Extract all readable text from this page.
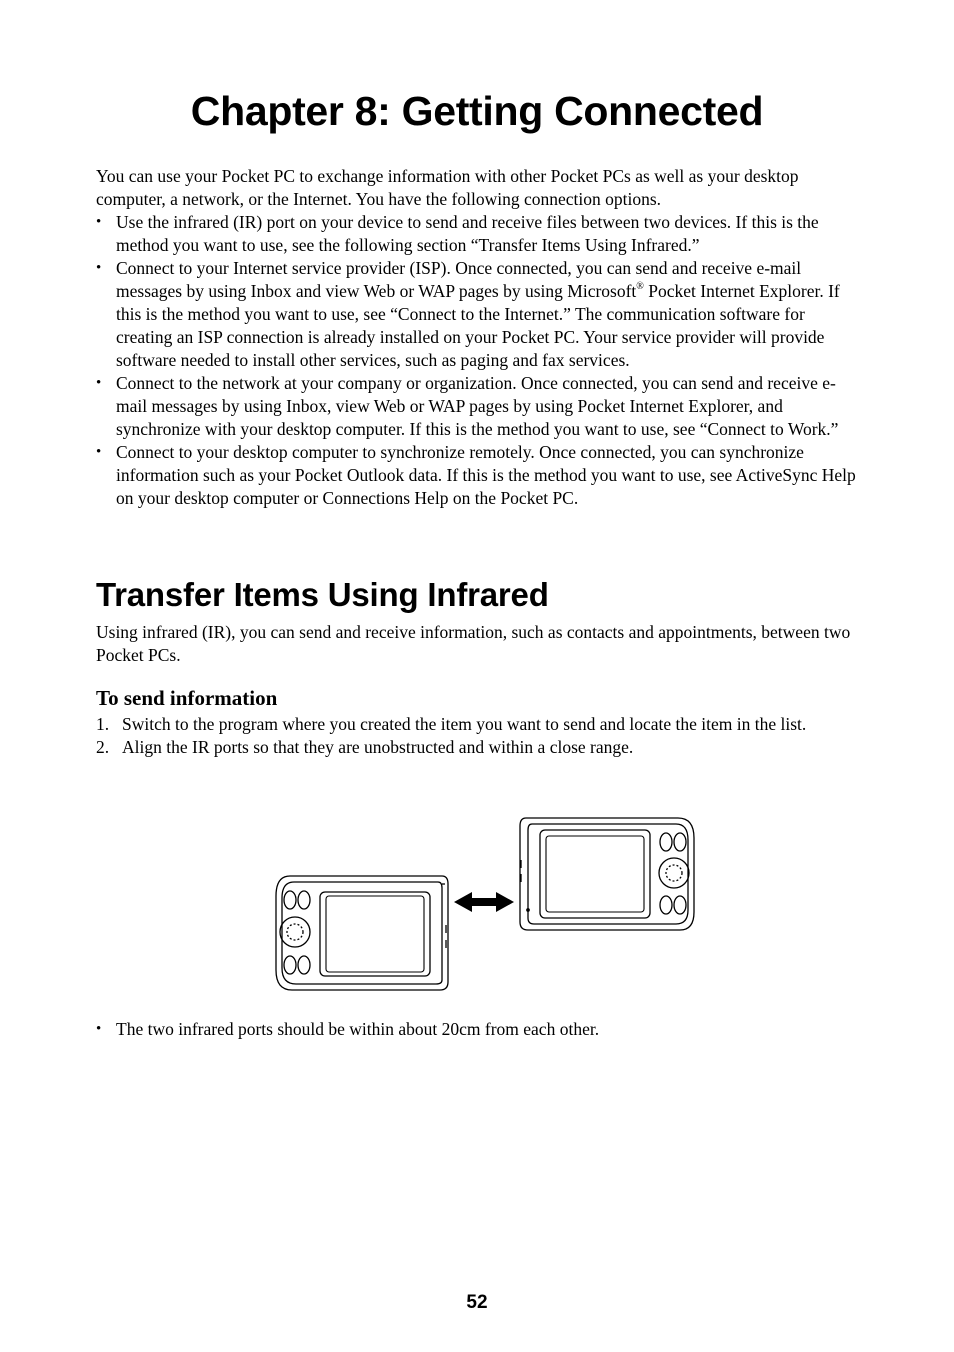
Chapter 8: Getting Connected

You can use your Pocket PC to exchange information with other Pocket PCs as well as your desktop computer, a network, or the Internet. You have the following connection options.

• Use the infrared (IR) port on your device to send and receive files between two devices. If this is the method you want to use, see the following section “Transfer Items Using Infrared.”
• Connect to your Internet service provider (ISP). Once connected, you can send and receive e-mail messages by using Inbox and view Web or WAP pages by using Microsoft® Pocket Internet Explorer. If this is the method you want to use, see “Connect to the Internet.” The communication software for creating an ISP connection is already installed on your Pocket PC. Your service provider will provide software needed to install other services, such as paging and fax services.
• Connect to the network at your company or organization. Once connected, you can send and receive e-mail messages by using Inbox, view Web or WAP pages by using Pocket Internet Explorer, and synchronize with your desktop computer. If this is the method you want to use, see “Connect to Work.”
• Connect to your desktop computer to synchronize remotely. Once connected, you can synchronize information such as your Pocket Outlook data. If this is the method you want to use, see ActiveSync Help on your desktop computer or Connections Help on the Pocket PC.
Transfer Items Using Infrared

Using infrared (IR), you can send and receive information, such as contacts and appointments, between two Pocket PCs.

To send information
1. Switch to the program where you created the item you want to send and locate the item in the list.
2. Align the IR ports so that they are unobstructed and within a close range.
• The two infrared ports should be within about 20cm from each other.

52
